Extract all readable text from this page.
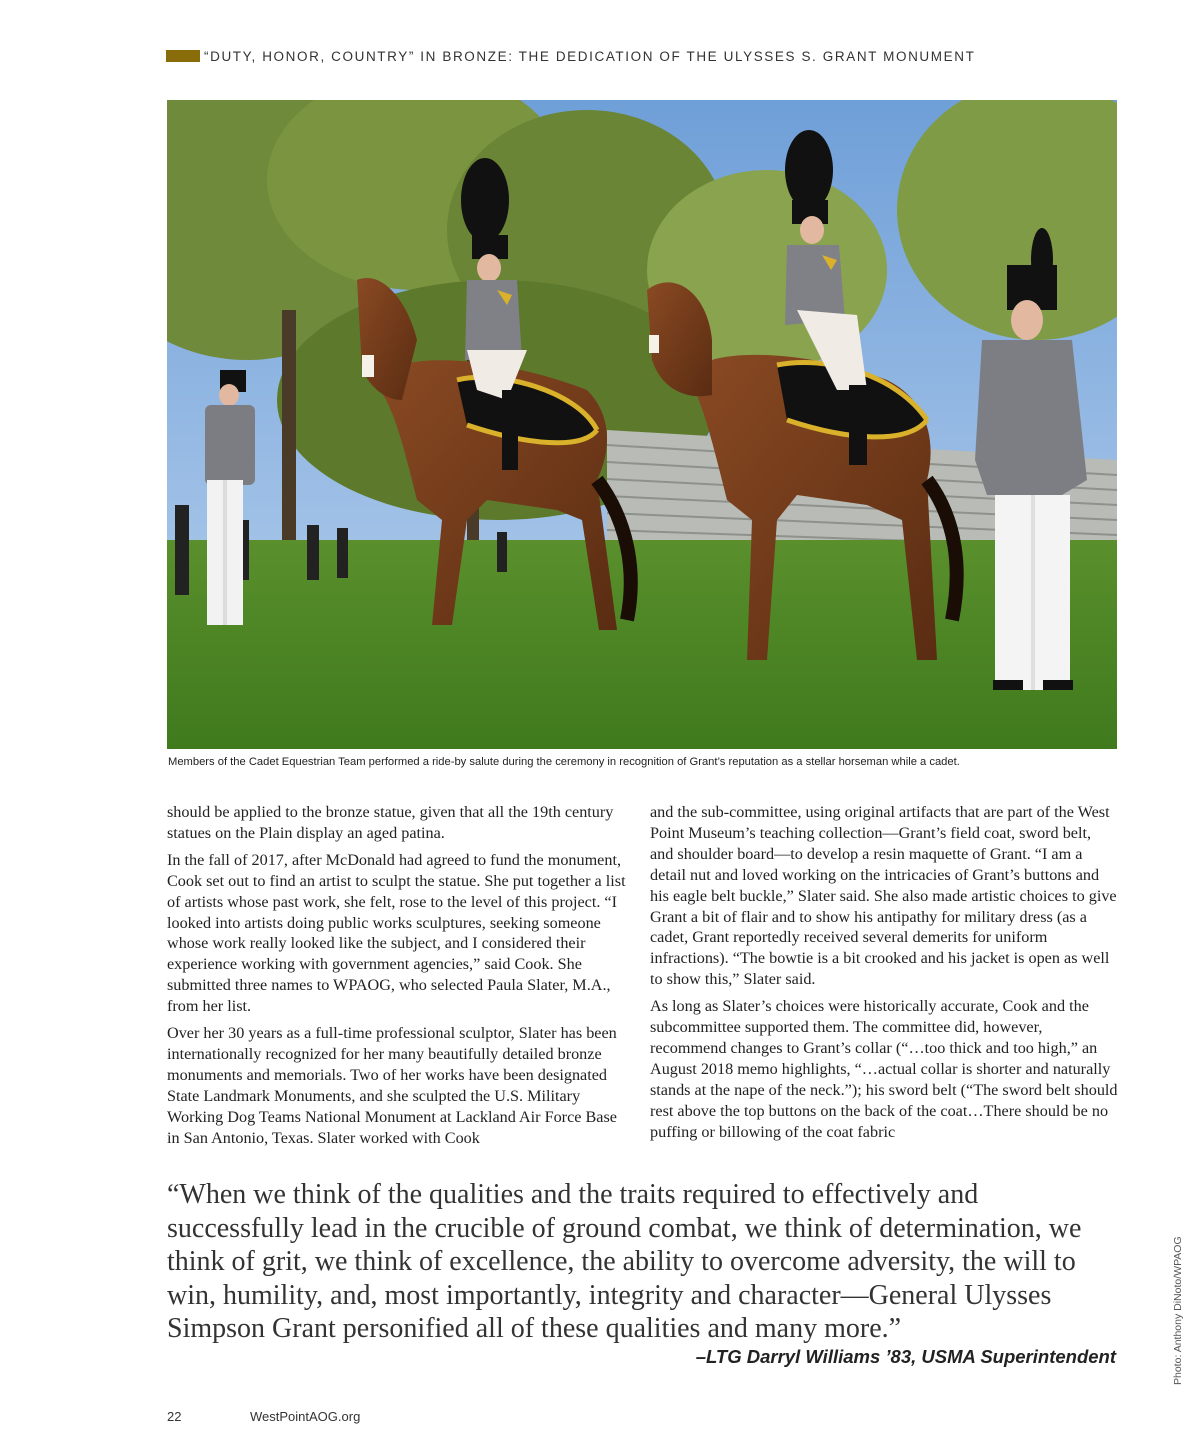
“DUTY, HONOR, COUNTRY” IN BRONZE: THE DEDICATION OF THE ULYSSES S. GRANT MONUMENT
Members of the Cadet Equestrian Team performed a ride-by salute during the ceremony in recognition of Grant’s reputation as a stellar horseman while a cadet.

should be applied to the bronze statue, given that all the 19th century statues on the Plain display an aged patina.

In the fall of 2017, after McDonald had agreed to fund the monument, Cook set out to find an artist to sculpt the statue. She put together a list of artists whose past work, she felt, rose to the level of this project. “I looked into artists doing public works sculptures, seeking someone whose work really looked like the subject, and I considered their experience working with government agencies,” said Cook. She submitted three names to WPAOG, who selected Paula Slater, M.A., from her list.

Over her 30 years as a full-time professional sculptor, Slater has been internationally recognized for her many beautifully detailed bronze monuments and memorials. Two of her works have been designated State Landmark Monuments, and she sculpted the U.S. Military Working Dog Teams National Monument at Lackland Air Force Base in San Antonio, Texas. Slater worked with Cook

and the sub-committee, using original artifacts that are part of the West Point Museum’s teaching collection—Grant’s field coat, sword belt, and shoulder board—to develop a resin maquette of Grant. “I am a detail nut and loved working on the intricacies of Grant’s buttons and his eagle belt buckle,” Slater said. She also made artistic choices to give Grant a bit of flair and to show his antipathy for military dress (as a cadet, Grant reportedly received several demerits for uniform infractions). “The bowtie is a bit crooked and his jacket is open as well to show this,” Slater said.

As long as Slater’s choices were historically accurate, Cook and the subcommittee supported them. The committee did, however, recommend changes to Grant’s collar (“…too thick and too high,” an August 2018 memo highlights, “…actual collar is shorter and naturally stands at the nape of the neck.”); his sword belt (“The sword belt should rest above the top buttons on the back of the coat…There should be no puffing or billowing of the coat fabric

“When we think of the qualities and the traits required to effectively and successfully lead in the crucible of ground combat, we think of determination, we think of grit, we think of excellence, the ability to overcome adversity, the will to win, humility, and, most importantly, integrity and character—General Ulysses Simpson Grant personified all of these qualities and many more.”
–LTG Darryl Williams ’83, USMA Superintendent	Photo: Anthony DiNoto/WPAOG
22	WestPointAOG.org
